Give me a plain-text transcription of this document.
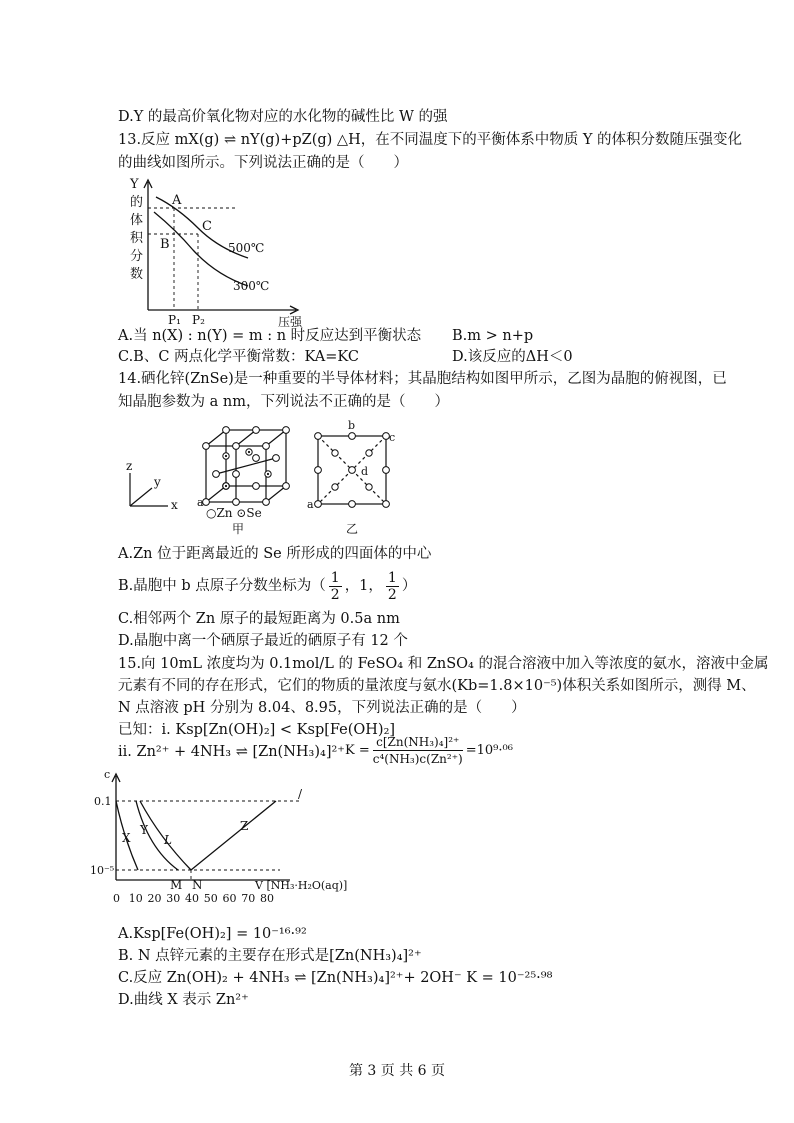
D.Y 的最高价氧化物对应的水化物的碱性比 W 的强
13.反应 mX(g) ⇌ nY(g)+pZ(g) △H，在不同温度下的平衡体系中物质 Y 的体积分数随压强变化
的曲线如图所示。下列说法正确的是（　　）
Y
的
体
积
分
数
A
B
C
500℃
300℃
P₁ P₂	压强
A.当 n(X) : n(Y) = m : n 时反应达到平衡状态 B.m > n+p
C.B、C 两点化学平衡常数：KA=KC	D.该反应的ΔH＜0
14.硒化锌(ZnSe)是一种重要的半导体材料；其晶胞结构如图甲所示，乙图为晶胞的俯视图，已
知晶胞参数为 a nm，下列说法不正确的是（　　）
z
y
x a
○Zn ⊙Se
甲
b
c
d
a
乙
A.Zn 位于距离最近的 Se 所形成的四面体的中心
B.晶胞中 b 点原子分数坐标为（ $\frac{1}{2}$ ，1， $\frac{1}{2}$ ）
C.相邻两个 Zn 原子的最短距离为 0.5a nm
D.晶胞中离一个硒原子最近的硒原子有 12 个
15.向 10mL 浓度均为 0.1mol/L 的 FeSO₄ 和 ZnSO₄ 的混合溶液中加入等浓度的氨水，溶液中金属
元素有不同的存在形式，它们的物质的量浓度与氨水(Kb=1.8×10⁻⁵)体积关系如图所示，测得 M、
N 点溶液 pH 分别为 8.04、8.95，下列说法正确的是（　　）
已知：i. Ksp[Zn(OH)₂] < Ksp[Fe(OH)₂]
ii. Zn²⁺ + 4NH₃ ⇌ [Zn(NH₃)₄]²⁺ $K = \frac{\text{c[Zn(NH₃)₄]²⁺}}{\text{c⁴(NH₃)c(Zn²⁺)}} =10^9\cdot^{06}$
c
0.1
10⁻⁵
X
Y
L
Z
/
M N	V [NH₃·H₂O(aq)]
0 10 20 30 40 50 60 70 80
A.Ksp[Fe(OH)₂] = 10⁻¹⁶·⁹²
B. N 点锌元素的主要存在形式是[Zn(NH₃)₄]²⁺
C.反应 Zn(OH)₂ + 4NH₃ ⇌ [Zn(NH₃)₄]²⁺+ 2OH⁻ K = 10⁻²⁵·⁹⁸
D.曲线 X 表示 Zn²⁺
第 3 页 共 6 页
